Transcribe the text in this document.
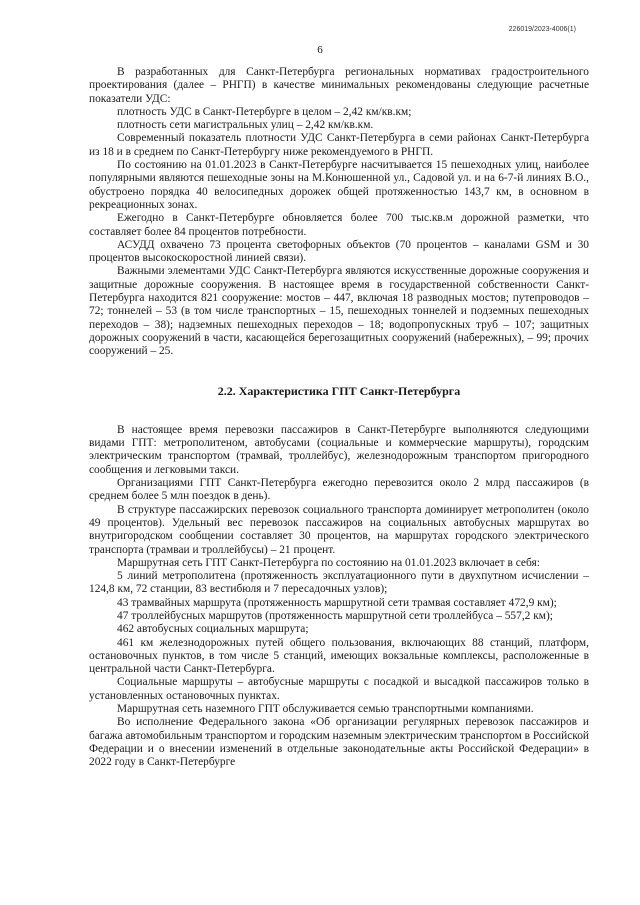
226019/2023-4006(1)
6

В разработанных для Санкт-Петербурга региональных нормативах градостроительного проектирования (далее – РНГП) в качестве минимальных рекомендованы следующие расчетные показатели УДС:

плотность УДС в Санкт-Петербурге в целом – 2,42 км/кв.км;

плотность сети магистральных улиц – 2,42 км/кв.км.

Современный показатель плотности УДС Санкт-Петербурга в семи районах Санкт-Петербурга из 18 и в среднем по Санкт-Петербургу ниже рекомендуемого в РНГП.

По состоянию на 01.01.2023 в Санкт-Петербурге насчитывается 15 пешеходных улиц, наиболее популярными являются пешеходные зоны на М.Конюшенной ул., Садовой ул. и на 6-7-й линиях В.О., обустроено порядка 40 велосипедных дорожек общей протяженностью 143,7 км, в основном в рекреационных зонах.

Ежегодно в Санкт-Петербурге обновляется более 700 тыс.кв.м дорожной разметки, что составляет более 84 процентов потребности.

АСУДД охвачено 73 процента светофорных объектов (70 процентов – каналами GSM и 30 процентов высокоскоростной линией связи).

Важными элементами УДС Санкт-Петербурга являются искусственные дорожные сооружения и защитные дорожные сооружения. В настоящее время в государственной собственности Санкт-Петербурга находится 821 сооружение: мостов – 447, включая 18 разводных мостов; путепроводов – 72; тоннелей – 53 (в том числе транспортных – 15, пешеходных тоннелей и подземных пешеходных переходов – 38); надземных пешеходных переходов – 18; водопропускных труб – 107; защитных дорожных сооружений в части, касающейся берегозащитных сооружений (набережных), – 99; прочих сооружений – 25.

2.2. Характеристика ГПТ Санкт-Петербурга

В настоящее время перевозки пассажиров в Санкт-Петербурге выполняются следующими видами ГПТ: метрополитеном, автобусами (социальные и коммерческие маршруты), городским электрическим транспортом (трамвай, троллейбус), железнодорожным транспортом пригородного сообщения и легковыми такси.

Организациями ГПТ Санкт-Петербурга ежегодно перевозится около 2 млрд пассажиров (в среднем более 5 млн поездок в день).

В структуре пассажирских перевозок социального транспорта доминирует метрополитен (около 49 процентов). Удельный вес перевозок пассажиров на социальных автобусных маршрутах во внутригородском сообщении составляет 30 процентов, на маршрутах городского электрического транспорта (трамваи и троллейбусы) – 21 процент.

Маршрутная сеть ГПТ Санкт-Петербурга по состоянию на 01.01.2023 включает в себя:

5 линий метрополитена (протяженность эксплуатационного пути в двухпутном исчислении – 124,8 км, 72 станции, 83 вестибюля и 7 пересадочных узлов);

43 трамвайных маршрута (протяженность маршрутной сети трамвая составляет 472,9 км);

47 троллейбусных маршрутов (протяженность маршрутной сети троллейбуса – 557,2 км);

462 автобусных социальных маршрута;

461 км железнодорожных путей общего пользования, включающих 88 станций, платформ, остановочных пунктов, в том числе 5 станций, имеющих вокзальные комплексы, расположенные в центральной части Санкт-Петербурга.

Социальные маршруты – автобусные маршруты с посадкой и высадкой пассажиров только в установленных остановочных пунктах.

Маршрутная сеть наземного ГПТ обслуживается семью транспортными компаниями.

Во исполнение Федерального закона «Об организации регулярных перевозок пассажиров и багажа автомобильным транспортом и городским наземным электрическим транспортом в Российской Федерации и о внесении изменений в отдельные законодательные акты Российской Федерации» в 2022 году в Санкт-Петербурге
